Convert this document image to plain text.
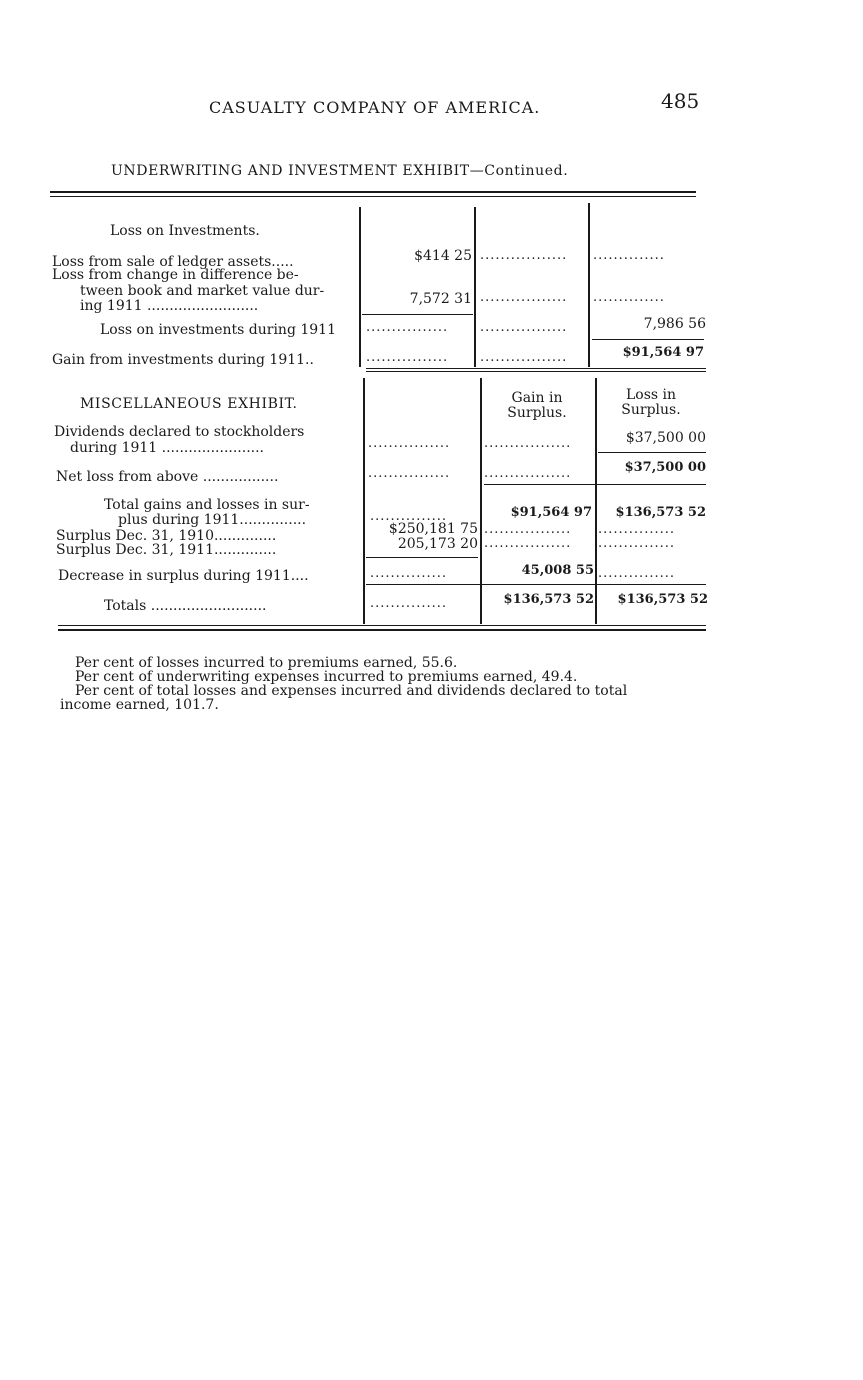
CASUALTY COMPANY OF AMERICA.	485
UNDERWRITING AND INVESTMENT EXHIBIT—Continued.
Loss on Investments.
Loss from sale of ledger assets.....	$414 25 ................. ..............
Loss from change in difference be-
tween book and market value dur-
ing 1911 .........................	7,572 31 ................. ..............
Loss on investments during 1911 ................ .................	7,986 56
Gain from investments during 1911..	................ .................	$91,564 97
MISCELLANEOUS EXHIBIT.	Gain in
Surplus.
Loss in
Surplus.
Dividends declared to stockholders
during 1911 .......................	................	.................	$37,500 00
Net loss from above .................	................	.................	$37,500 00
Total gains and losses in sur-
plus during 1911...............	...............	$91,564 97	$136,573 52
Surplus Dec. 31, 1910..............	$250,181 75 ................. ...............
Surplus Dec. 31, 1911..............	205,173 20 ................. ...............
Decrease in surplus during 1911....	...............	45,008 55 ...............
Totals ..........................	...............	$136,573 52	$136,573 52
Per cent of losses incurred to premiums earned, 55.6.
Per cent of underwriting expenses incurred to premiums earned, 49.4.
Per cent of total losses and expenses incurred and dividends declared to total
income earned, 101.7.
